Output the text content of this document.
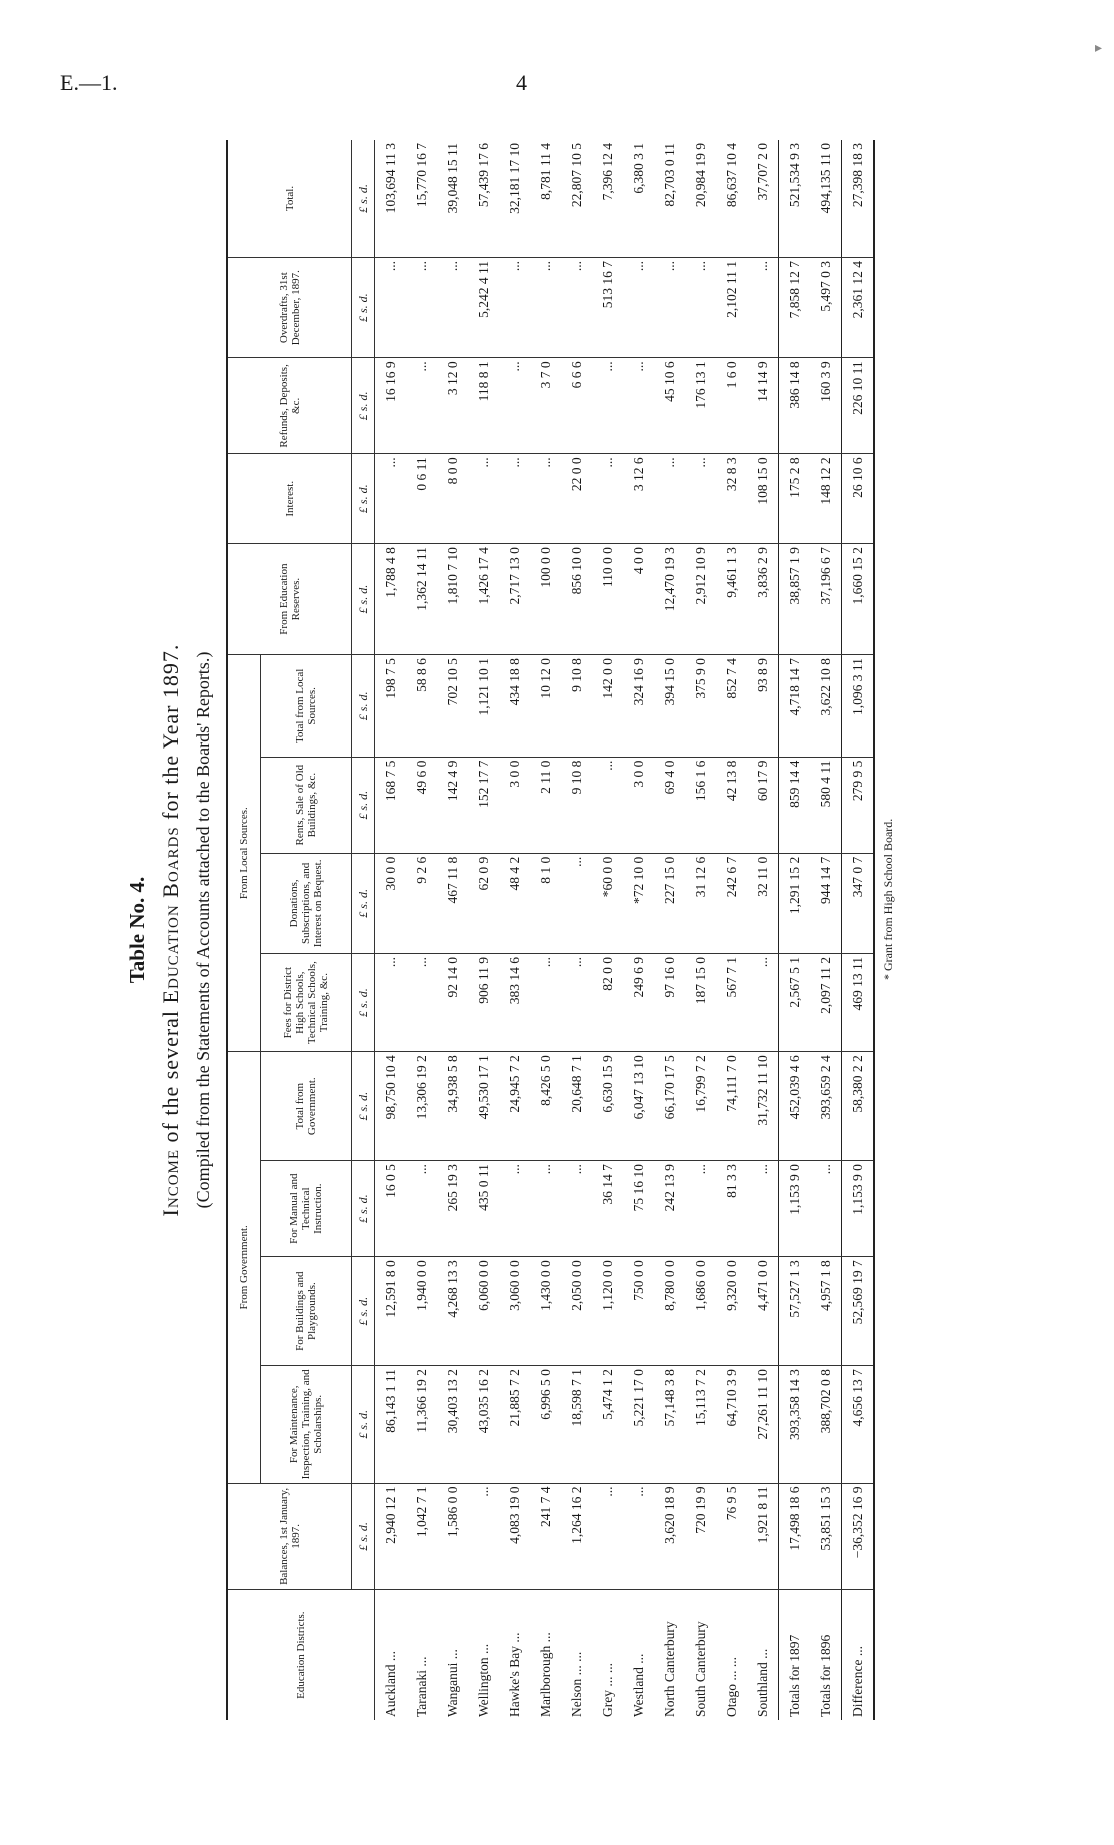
E.—1.	4
▸

Table No. 4.

Income of the several Education Boards for the Year 1897. (Compiled from the Statements of Accounts attached to the Boards' Reports.)

Education Districts.	Balances, 1st January, 1897.	From Government.				From Local Sources.				From Education Reserves.	Interest.	Refunds, Deposits, &c.	Overdrafts, 31st December, 1897.	Total.
		For Maintenance, Inspection, Training, and Scholarships.	For Buildings and Playgrounds.	For Manual and Technical Instruction.	Total from Government.	Fees for District High Schools, Technical Schools, Training, &c.	Donations, Subscriptions, and Interest on Bequest.	Rents, Sale of Old Buildings, &c.	Total from Local Sources.					
	£ s. d.	£ s. d.	£ s. d.	£ s. d.	£ s. d.	£ s. d.	£ s. d.	£ s. d.	£ s. d.	£ s. d.	£ s. d.	£ s. d.	£ s. d.	£ s. d.
Auckland ...	2,940 12 1	86,143 1 11	12,591 8 0	16 0 5	98,750 10 4	...	30 0 0	168 7 5	198 7 5	1,788 4 8	...	16 16 9	...	103,694 11 3
Taranaki ...	1,042 7 1	11,366 19 2	1,940 0 0	...	13,306 19 2	...	9 2 6	49 6 0	58 8 6	1,362 14 11	0 6 11	...	...	15,770 16 7
Wanganui ...	1,586 0 0	30,403 13 2	4,268 13 3	265 19 3	34,938 5 8	92 14 0	467 11 8	142 4 9	702 10 5	1,810 7 10	8 0 0	3 12 0	...	39,048 15 11
Wellington ...	...	43,035 16 2	6,060 0 0	435 0 11	49,530 17 1	906 11 9	62 0 9	152 17 7	1,121 10 1	1,426 17 4	...	118 8 1	5,242 4 11	57,439 17 6
Hawke's Bay ...	4,083 19 0	21,885 7 2	3,060 0 0	...	24,945 7 2	383 14 6	48 4 2	3 0 0	434 18 8	2,717 13 0	...	...	...	32,181 17 10
Marlborough ...	241 7 4	6,996 5 0	1,430 0 0	...	8,426 5 0	...	8 1 0	2 11 0	10 12 0	100 0 0	...	3 7 0	...	8,781 11 4
Nelson ... ...	1,264 16 2	18,598 7 1	2,050 0 0	...	20,648 7 1	...	...	9 10 8	9 10 8	856 10 0	22 0 0	6 6 6	...	22,807 10 5
Grey ... ...	...	5,474 1 2	1,120 0 0	36 14 7	6,630 15 9	82 0 0	*60 0 0	...	142 0 0	110 0 0	...	...	513 16 7	7,396 12 4
Westland ...	...	5,221 17 0	750 0 0	75 16 10	6,047 13 10	249 6 9	*72 10 0	3 0 0	324 16 9	4 0 0	3 12 6	...	...	6,380 3 1
North Canterbury	3,620 18 9	57,148 3 8	8,780 0 0	242 13 9	66,170 17 5	97 16 0	227 15 0	69 4 0	394 15 0	12,470 19 3	...	45 10 6	...	82,703 0 11
South Canterbury	720 19 9	15,113 7 2	1,686 0 0	...	16,799 7 2	187 15 0	31 12 6	156 1 6	375 9 0	2,912 10 9	...	176 13 1	...	20,984 19 9
Otago ... ...	76 9 5	64,710 3 9	9,320 0 0	81 3 3	74,111 7 0	567 7 1	242 6 7	42 13 8	852 7 4	9,461 1 3	32 8 3	1 6 0	2,102 11 1	86,637 10 4
Southland ...	1,921 8 11	27,261 11 10	4,471 0 0	...	31,732 11 10	...	32 11 0	60 17 9	93 8 9	3,836 2 9	108 15 0	14 14 9	...	37,707 2 0
Totals for 1897	17,498 18 6	393,358 14 3	57,527 1 3	1,153 9 0	452,039 4 6	2,567 5 1	1,291 15 2	859 14 4	4,718 14 7	38,857 1 9	175 2 8	386 14 8	7,858 12 7	521,534 9 3
Totals for 1896	53,851 15 3	388,702 0 8	4,957 1 8	...	393,659 2 4	2,097 11 2	944 14 7	580 4 11	3,622 10 8	37,196 6 7	148 12 2	160 3 9	5,497 0 3	494,135 11 0
Difference ...	−36,352 16 9	4,656 13 7	52,569 19 7	1,153 9 0	58,380 2 2	469 13 11	347 0 7	279 9 5	1,096 3 11	1,660 15 2	26 10 6	226 10 11	2,361 12 4	27,398 18 3
* Grant from High School Board.
